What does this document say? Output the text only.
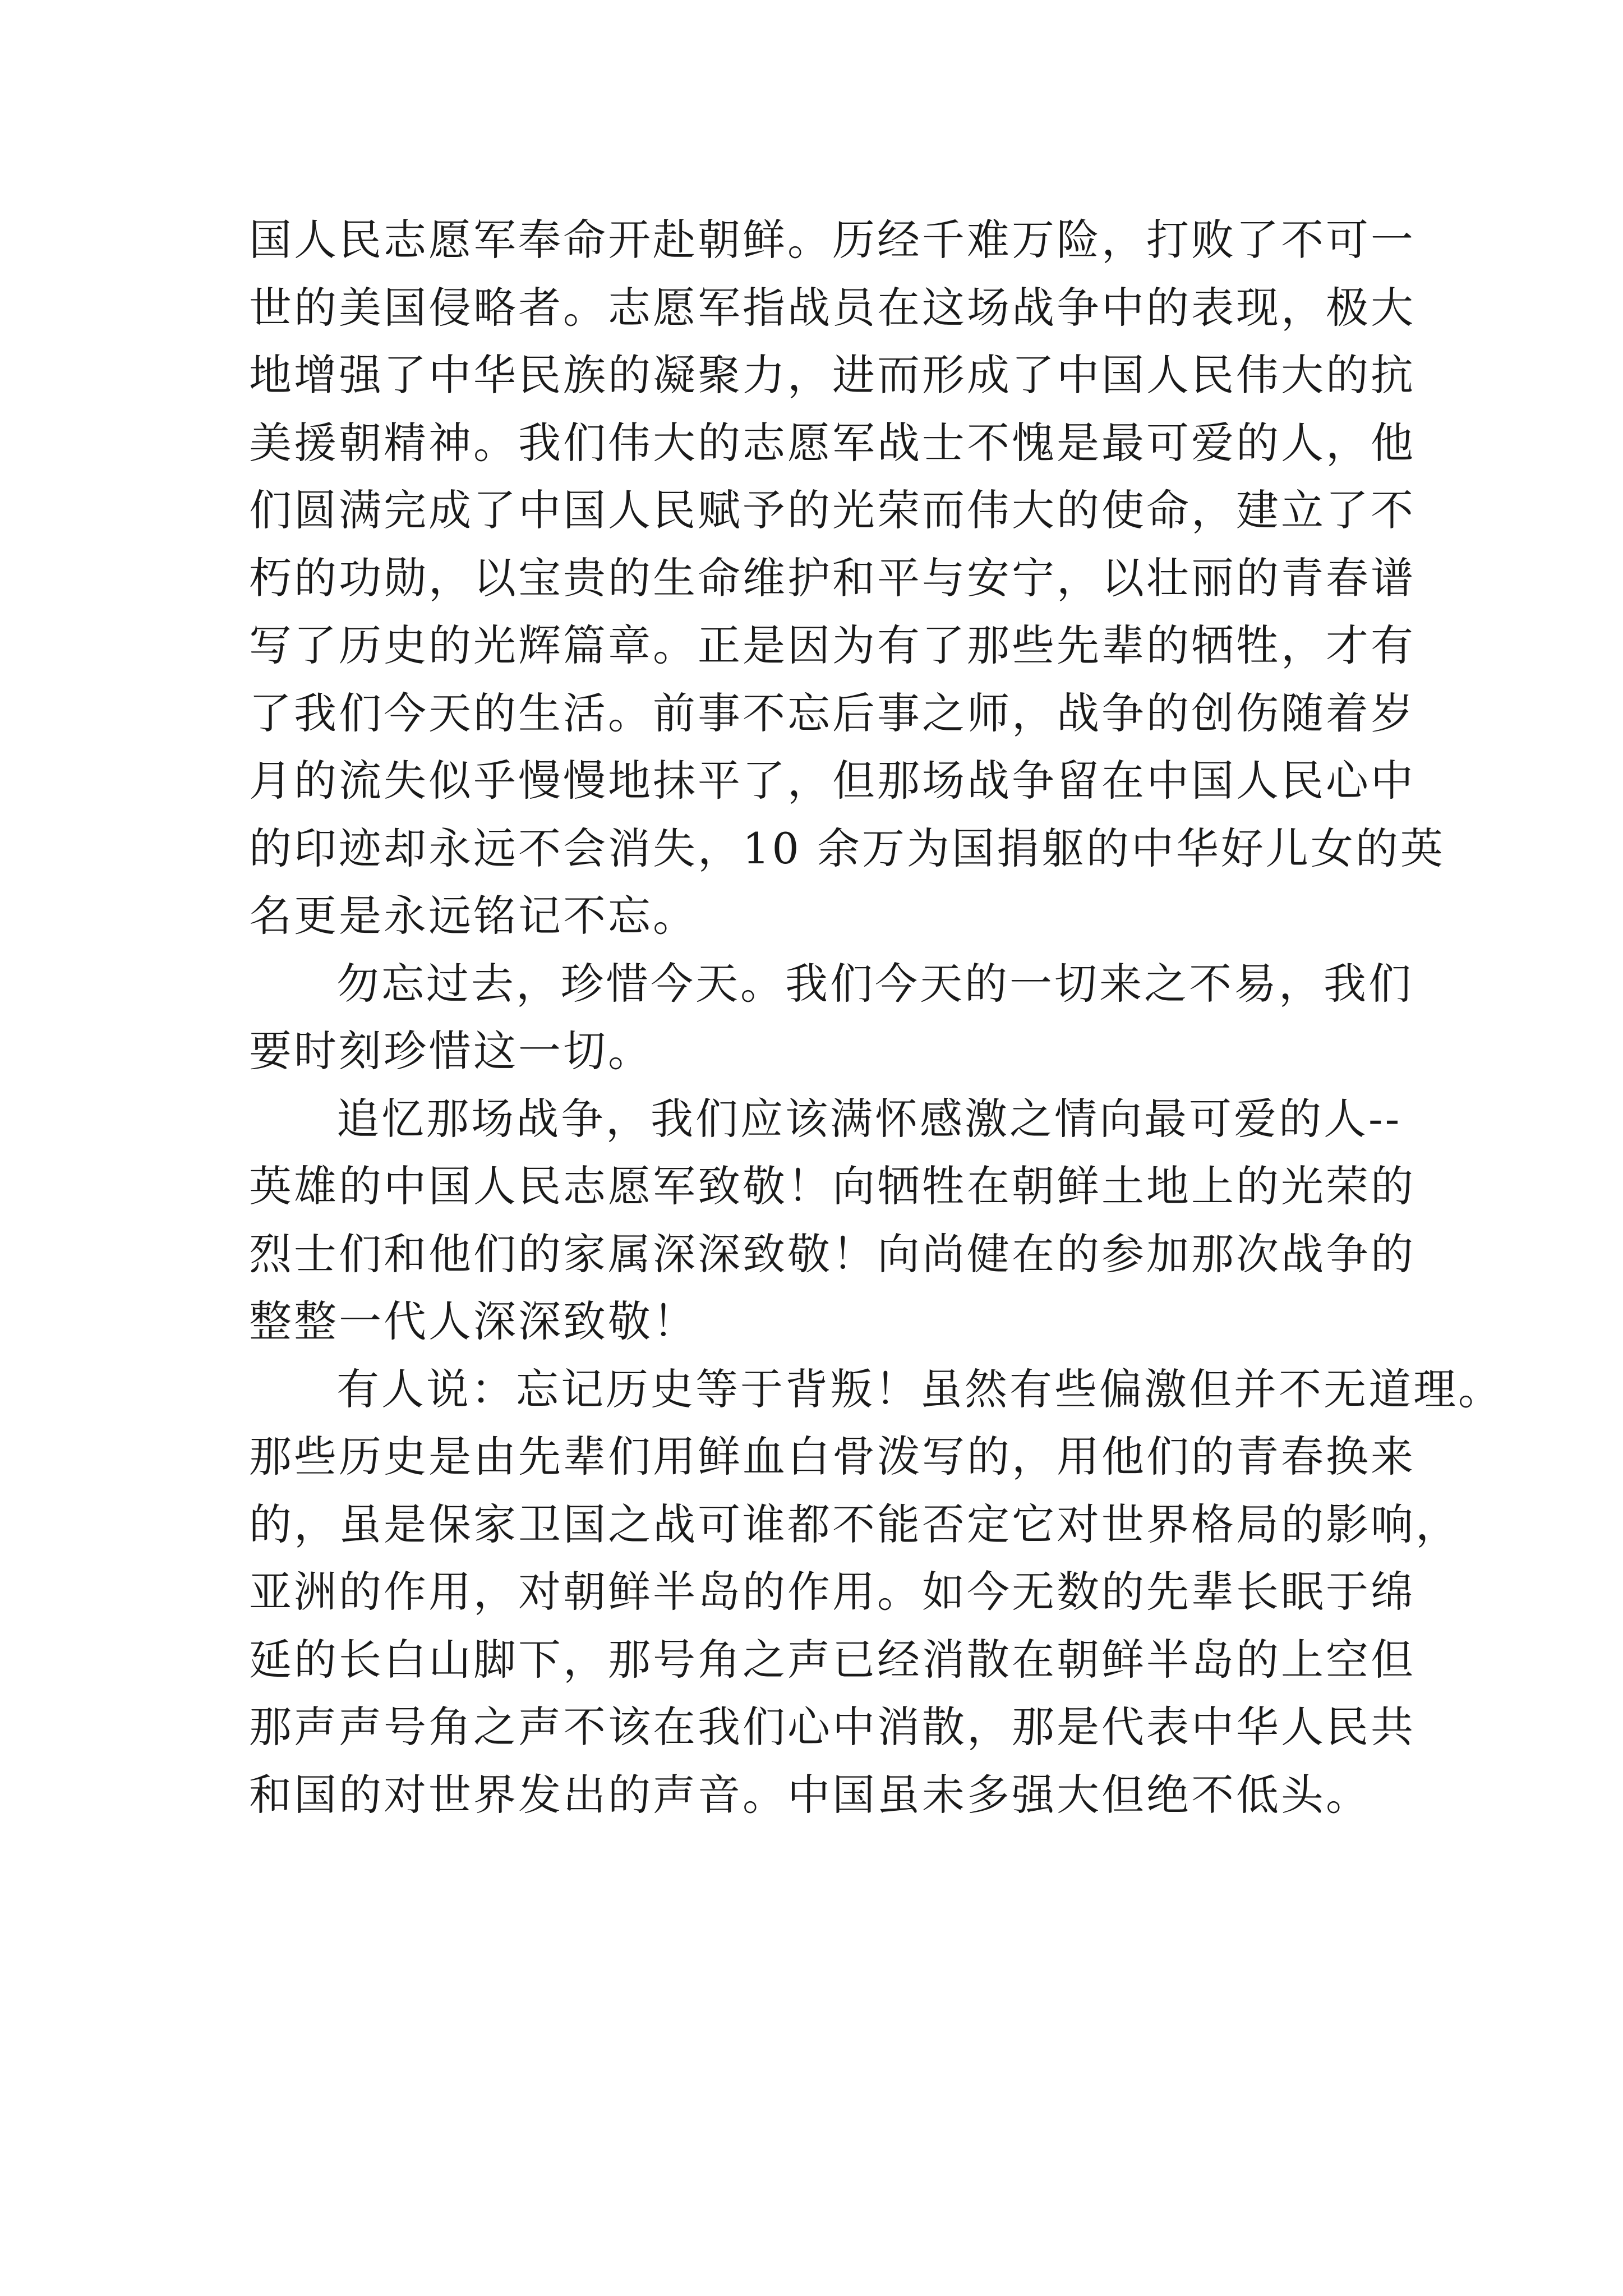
国人民志愿军奉命开赴朝鲜。历经千难万险，打败了不可一
世的美国侵略者。志愿军指战员在这场战争中的表现，极大
地增强了中华民族的凝聚力，进而形成了中国人民伟大的抗
美援朝精神。我们伟大的志愿军战士不愧是最可爱的人，他
们圆满完成了中国人民赋予的光荣而伟大的使命，建立了不
朽的功勋，以宝贵的生命维护和平与安宁，以壮丽的青春谱
写了历史的光辉篇章。正是因为有了那些先辈的牺牲，才有
了我们今天的生活。前事不忘后事之师，战争的创伤随着岁
月的流失似乎慢慢地抹平了，但那场战争留在中国人民心中
的印迹却永远不会消失，10 余万为国捐躯的中华好儿女的英
名更是永远铭记不忘。
勿忘过去，珍惜今天。我们今天的一切来之不易，我们
要时刻珍惜这一切。
追忆那场战争，我们应该满怀感激之情向最可爱的人--
英雄的中国人民志愿军致敬！向牺牲在朝鲜土地上的光荣的
烈士们和他们的家属深深致敬！向尚健在的参加那次战争的
整整一代人深深致敬！
有人说：忘记历史等于背叛！虽然有些偏激但并不无道理。
那些历史是由先辈们用鲜血白骨泼写的，用他们的青春换来
的，虽是保家卫国之战可谁都不能否定它对世界格局的影响，
亚洲的作用，对朝鲜半岛的作用。如今无数的先辈长眠于绵
延的长白山脚下，那号角之声已经消散在朝鲜半岛的上空但
那声声号角之声不该在我们心中消散，那是代表中华人民共
和国的对世界发出的声音。中国虽未多强大但绝不低头。
